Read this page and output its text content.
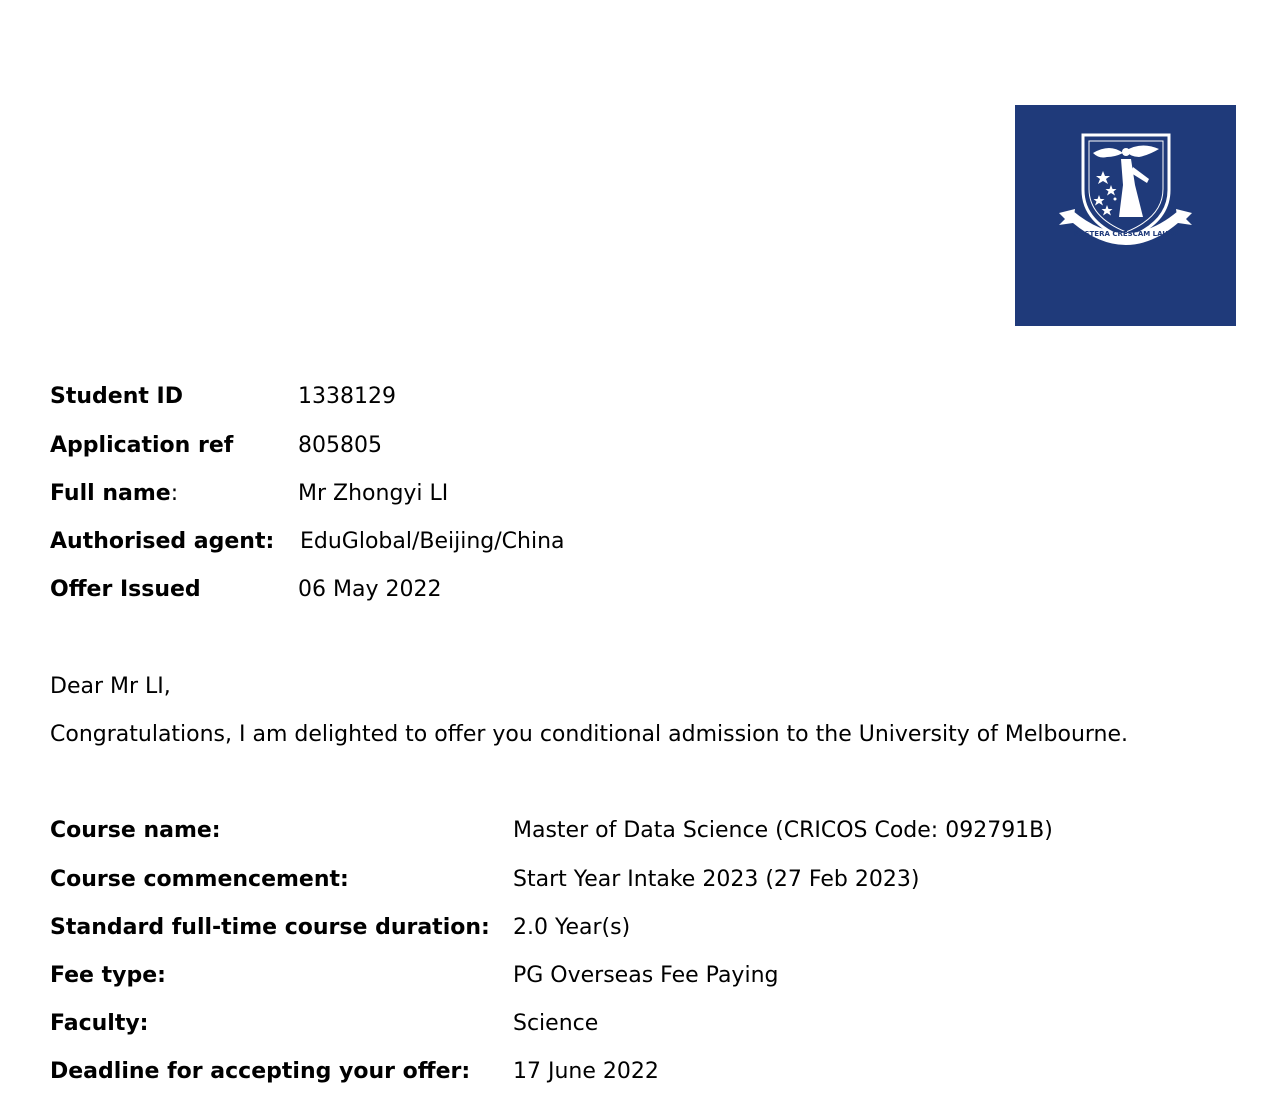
POSTERA CRESCAM LAUDE
THE UNIVERSITY OF
MELBOURNE
Student ID	1338129
Application ref	805805
Full name:	Mr Zhongyi LI
Authorised agent: EduGlobal/Beijing/China
Offer Issued	06 May 2022
Dear Mr LI,
Congratulations, I am delighted to offer you conditional admission to the University of Melbourne.
Course name:	Master of Data Science (CRICOS Code: 092791B)
Course commencement:	Start Year Intake 2023 (27 Feb 2023)
Standard full-time course duration: 2.0 Year(s)
Fee type:	PG Overseas Fee Paying
Faculty:	Science
Deadline for accepting your offer: 17 June 2022
